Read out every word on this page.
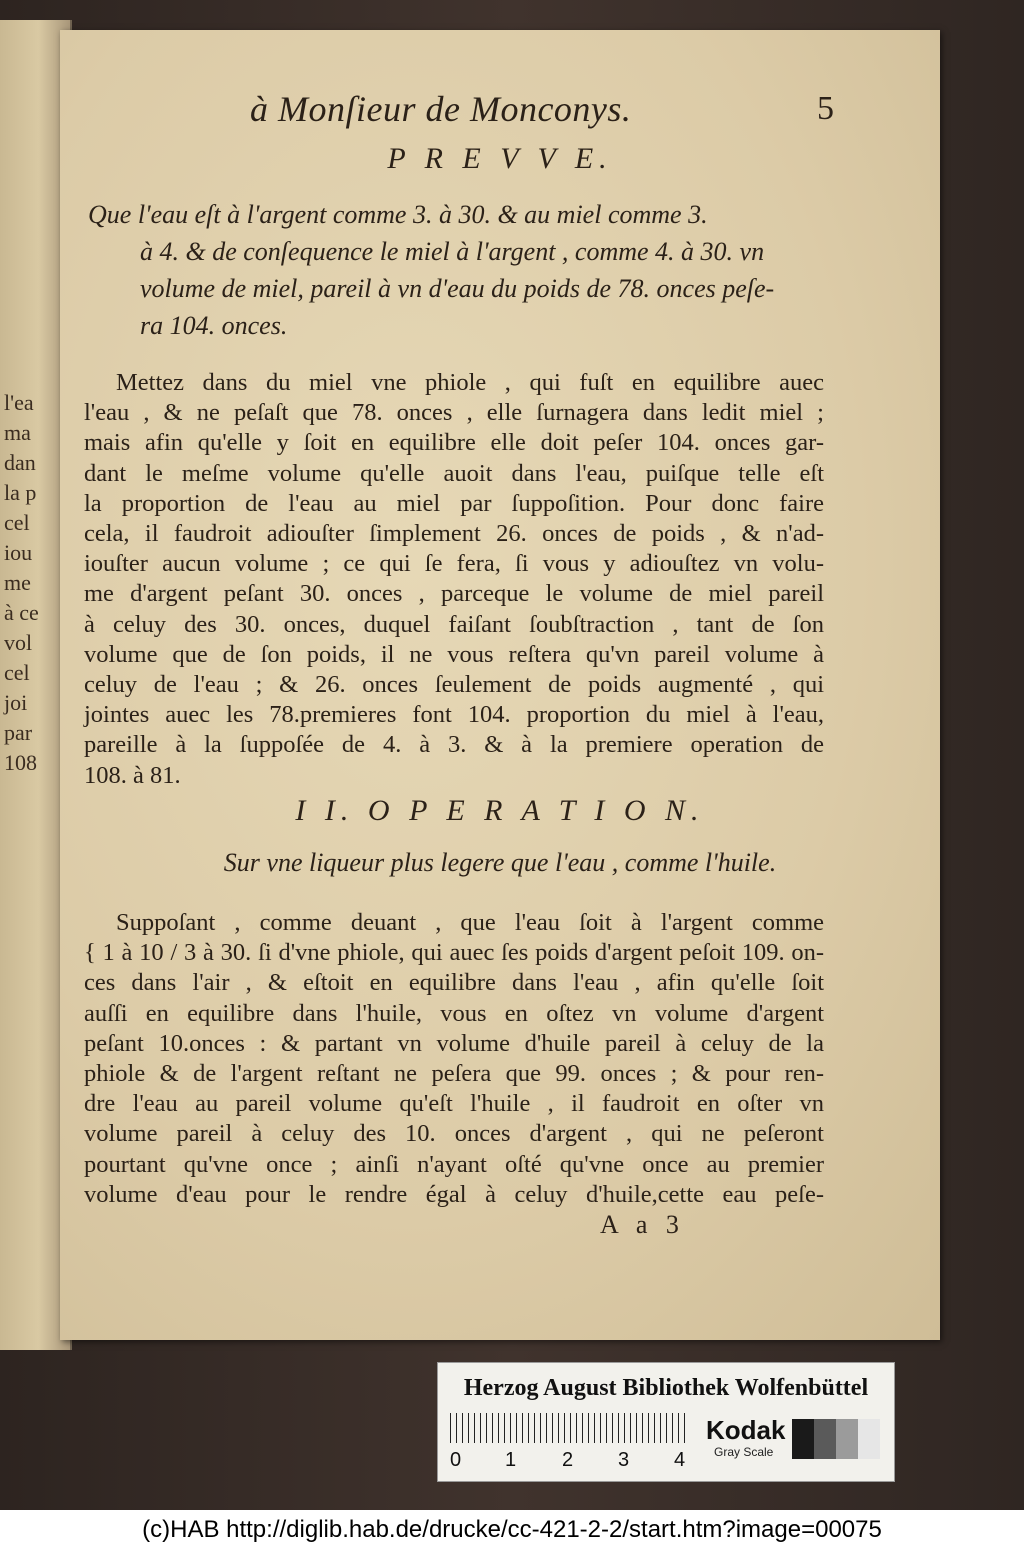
l'ea
ma
dan
la p
cel
iou
me
à ce
vol
cel
joi
par
108
à Monſieur de Monconys.	5
P R E V V E.
Que l'eau eſt à l'argent comme 3. à 30. & au miel comme 3.
à 4. & de conſequence le miel à l'argent , comme 4. à 30. vn
volume de miel, pareil à vn d'eau du poids de 78. onces peſe-
ra 104. onces.
Mettez dans du miel vne phiole , qui fuſt en equilibre auec
l'eau , & ne peſaſt que 78. onces , elle ſurnagera dans ledit miel ;
mais afin qu'elle y ſoit en equilibre elle doit peſer 104. onces gar-
dant le meſme volume qu'elle auoit dans l'eau, puiſque telle eſt
la proportion de l'eau au miel par ſuppoſition. Pour donc faire
cela, il faudroit adiouſter ſimplement 26. onces de poids , & n'ad-
iouſter aucun volume ; ce qui ſe fera, ſi vous y adiouſtez vn volu-
me d'argent peſant 30. onces , parceque le volume de miel pareil
à celuy des 30. onces, duquel faiſant ſoubſtraction , tant de ſon
volume que de ſon poids, il ne vous reſtera qu'vn pareil volume à
celuy de l'eau ; & 26. onces ſeulement de poids augmenté , qui
jointes auec les 78.premieres font 104. proportion du miel à l'eau,
pareille à la ſuppoſée de 4. à 3. & à la premiere operation de
108. à 81.
I I. O P E R A T I O N.
Sur vne liqueur plus legere que l'eau , comme l'huile.
Suppoſant , comme deuant , que l'eau ſoit à l'argent comme
{ 1 à 10 / 3 à 30. ſi d'vne phiole, qui auec ſes poids d'argent peſoit 109. on-
ces dans l'air , & eſtoit en equilibre dans l'eau , afin qu'elle ſoit
auſſi en equilibre dans l'huile, vous en oſtez vn volume d'argent
peſant 10.onces : & partant vn volume d'huile pareil à celuy de la
phiole & de l'argent reſtant ne peſera que 99. onces ; & pour ren-
dre l'eau au pareil volume qu'eſt l'huile , il faudroit en oſter vn
volume pareil à celuy des 10. onces d'argent , qui ne peſeront
pourtant qu'vne once ; ainſi n'ayant oſté qu'vne once au premier
volume d'eau pour le rendre égal à celuy d'huile,cette eau peſe-
A a 3
Herzog August Bibliothek Wolfenbüttel
0 1 2 3 4
Kodak
Gray Scale
(c)HAB http://diglib.hab.de/drucke/cc-421-2-2/start.htm?image=00075
